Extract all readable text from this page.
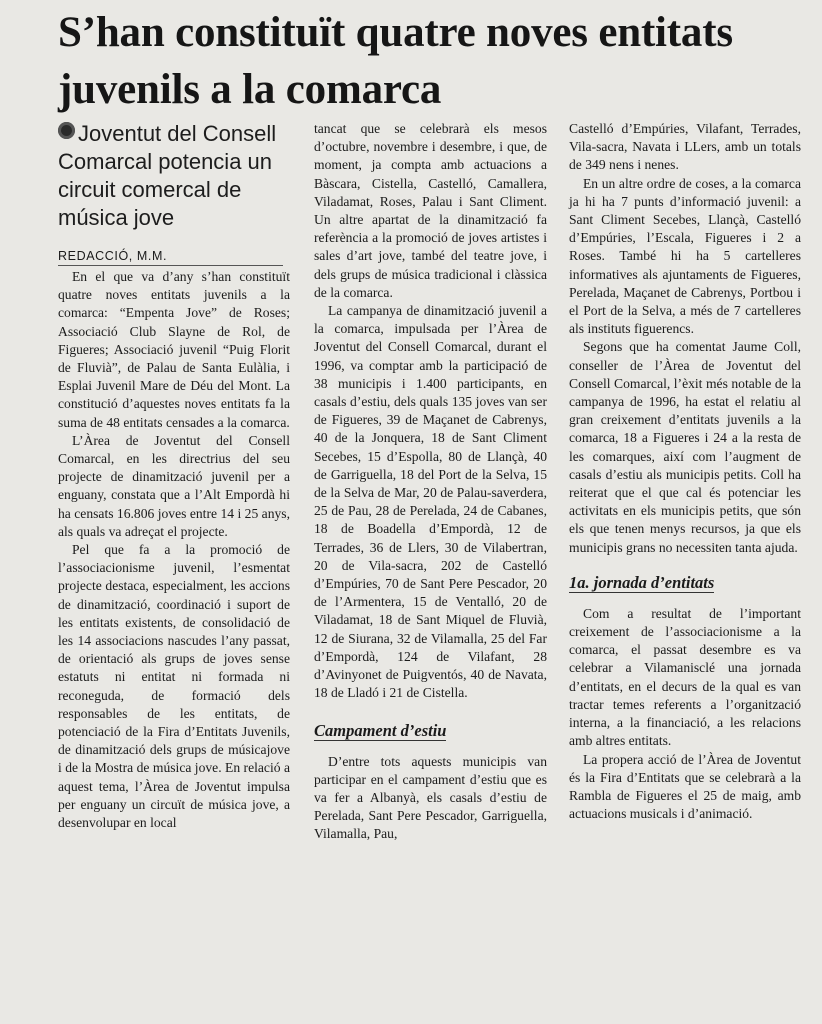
S’han constituït quatre noves entitats juvenils a la comarca
Joventut del Consell Comarcal potencia un circuit comercal de música jove
REDACCIÓ, M.M.

En el que va d’any s’han constituït quatre noves entitats juvenils a la comarca: “Empenta Jove” de Roses; Associació Club Slayne de Rol, de Figueres; Associació juvenil “Puig Florit de Fluvià”, de Palau de Santa Eulàlia, i Esplai Juvenil Mare de Déu del Mont. La constitució d’aquestes noves entitats fa la suma de 48 entitats censades a la comarca.

L’Àrea de Joventut del Consell Comarcal, en les directrius del seu projecte de dinamització juvenil per a enguany, constata que a l’Alt Empordà hi ha censats 16.806 joves entre 14 i 25 anys, als quals va adreçat el projecte.

Pel que fa a la promoció de l’associacionisme juvenil, l’esmentat projecte destaca, especialment, les accions de dinamització, coordinació i suport de les entitats existents, de consolidació de les 14 associacions nascudes l’any passat, de orientació als grups de joves sense estatuts ni entitat ni formada ni reconeguda, de formació dels responsables de les entitats, de potenciació de la Fira d’Entitats Juvenils, de dinamització dels grups de músicajove i de la Mostra de música jove. En relació a aquest tema, l’Àrea de Joventut impulsa per enguany un circuït de música jove, a desenvolupar en local

tancat que se celebrarà els mesos d’octubre, novembre i desembre, i que, de moment, ja compta amb actuacions a Bàscara, Cistella, Castelló, Camallera, Viladamat, Roses, Palau i Sant Climent. Un altre apartat de la dinamització fa referència a la promoció de joves artistes i sales d’art jove, també del teatre jove, i dels grups de música tradicional i clàssica de la comarca.

La campanya de dinamització juvenil a la comarca, impulsada per l’Àrea de Joventut del Consell Comarcal, durant el 1996, va comptar amb la participació de 38 municipis i 1.400 participants, en casals d’estiu, dels quals 135 joves van ser de Figueres, 39 de Maçanet de Cabrenys, 40 de la Jonquera, 18 de Sant Climent Secebes, 15 d’Espolla, 80 de Llançà, 40 de Garriguella, 18 del Port de la Selva, 15 de la Selva de Mar, 20 de Palau-saverdera, 25 de Pau, 28 de Perelada, 24 de Cabanes, 18 de Boadella d’Empordà, 12 de Terrades, 36 de Llers, 30 de Vilabertran, 20 de Vila-sacra, 202 de Castelló d’Empúries, 70 de Sant Pere Pescador, 20 de l’Armentera, 15 de Ventalló, 20 de Viladamat, 18 de Sant Miquel de Fluvià, 12 de Siurana, 32 de Vilamalla, 25 del Far d’Empordà, 124 de Vilafant, 28 d’Avinyonet de Puigventós, 40 de Navata, 18 de Lladó i 21 de Cistella.

Campament d’estiu

D’entre tots aquests municipis van participar en el campament d’estiu que es va fer a Albanyà, els casals d’estiu de Perelada, Sant Pere Pescador, Garriguella, Vilamalla, Pau,

Castelló d’Empúries, Vilafant, Terrades, Vila-sacra, Navata i LLers, amb un totals de 349 nens i nenes.

En un altre ordre de coses, a la comarca ja hi ha 7 punts d’informació juvenil: a Sant Climent Secebes, Llançà, Castelló d’Empúries, l’Escala, Figueres i 2 a Roses. També hi ha 5 cartelleres informatives als ajuntaments de Figueres, Perelada, Maçanet de Cabrenys, Portbou i el Port de la Selva, a més de 7 cartelleres als instituts figuerencs.

Segons que ha comentat Jaume Coll, conseller de l’Àrea de Joventut del Consell Comarcal, l’èxit més notable de la campanya de 1996, ha estat el relatiu al gran creixement d’entitats juvenils a la comarca, 18 a Figueres i 24 a la resta de les comarques, així com l’augment de casals d’estiu als municipis petits. Coll ha reiterat que el que cal és potenciar les activitats en els municipis petits, que són els que tenen menys recursos, ja que els municipis grans no necessiten tanta ajuda.

1a. jornada d’entitats

Com a resultat de l’important creixement de l’associacionisme a la comarca, el passat desembre es va celebrar a Vilamanisclé una jornada d’entitats, en el decurs de la qual es van tractar temes referents a l’organització interna, a la financiació, a les relacions amb altres entitats.

La propera acció de l’Àrea de Joventut és la Fira d’Entitats que se celebrarà a la Rambla de Figueres el 25 de maig, amb actuacions musicals i d’animació.
